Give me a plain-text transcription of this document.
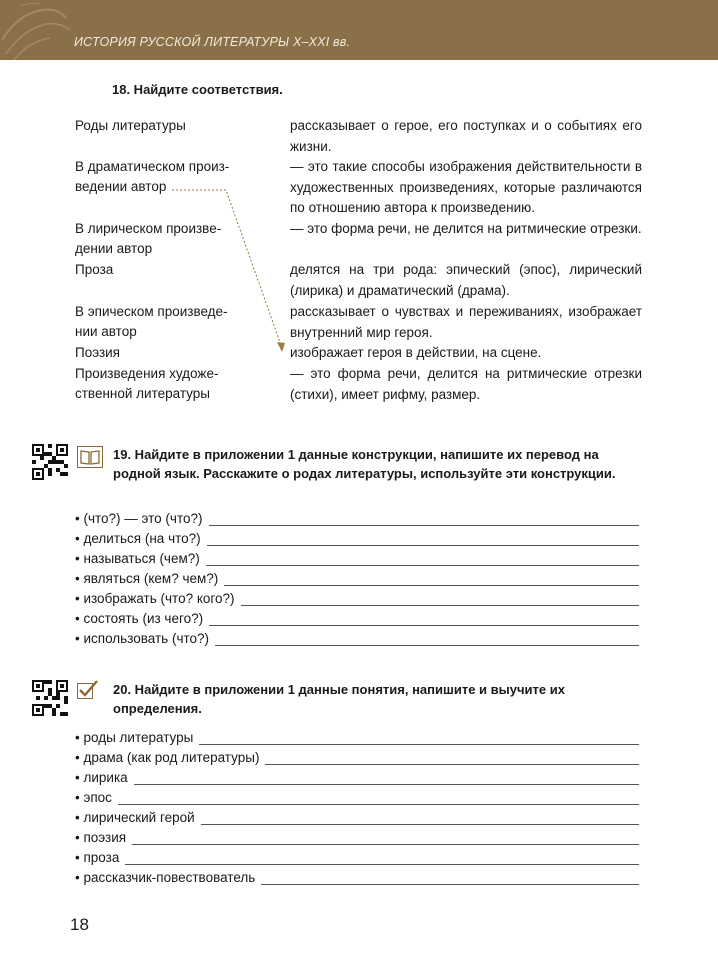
ИСТОРИЯ РУССКОЙ ЛИТЕРАТУРЫ X–XXI вв.
18. Найдите соответствия.
Роды литературы
В драматическом произ-
ведении автор
В лирическом произве-
дении автор
Проза
В эпическом произведе-
нии автор
Поэзия
Произведения художе-
ственной литературы
рассказывает о герое, его поступках и о событиях его жизни.
— это такие способы изображения действительности в художественных произведениях, которые различаются по отношению автора к произведению.
— это форма речи, не делится на ритмические отрезки.
делятся на три рода: эпический (эпос), лирический (лирика) и драматический (драма).
рассказывает о чувствах и переживаниях, изображает внутренний мир героя.
изображает героя в действии, на сцене.
— это форма речи, делится на ритмические отрезки (стихи), имеет рифму, размер.
19. Найдите в приложении 1 данные конструкции, напишите их перевод на родной язык. Расскажите о родах литературы, используйте эти конструкции.
• (что?) — это (что?)
• делиться (на что?)
• называться (чем?)
• являться (кем? чем?)
• изображать (что? кого?)
• состоять (из чего?)
• использовать (что?)
20. Найдите в приложении 1 данные понятия, напишите и выучите их определения.
• роды литературы
• драма (как род литературы)
• лирика
• эпос
• лирический герой
• поэзия
• проза
• рассказчик-повествователь
18
